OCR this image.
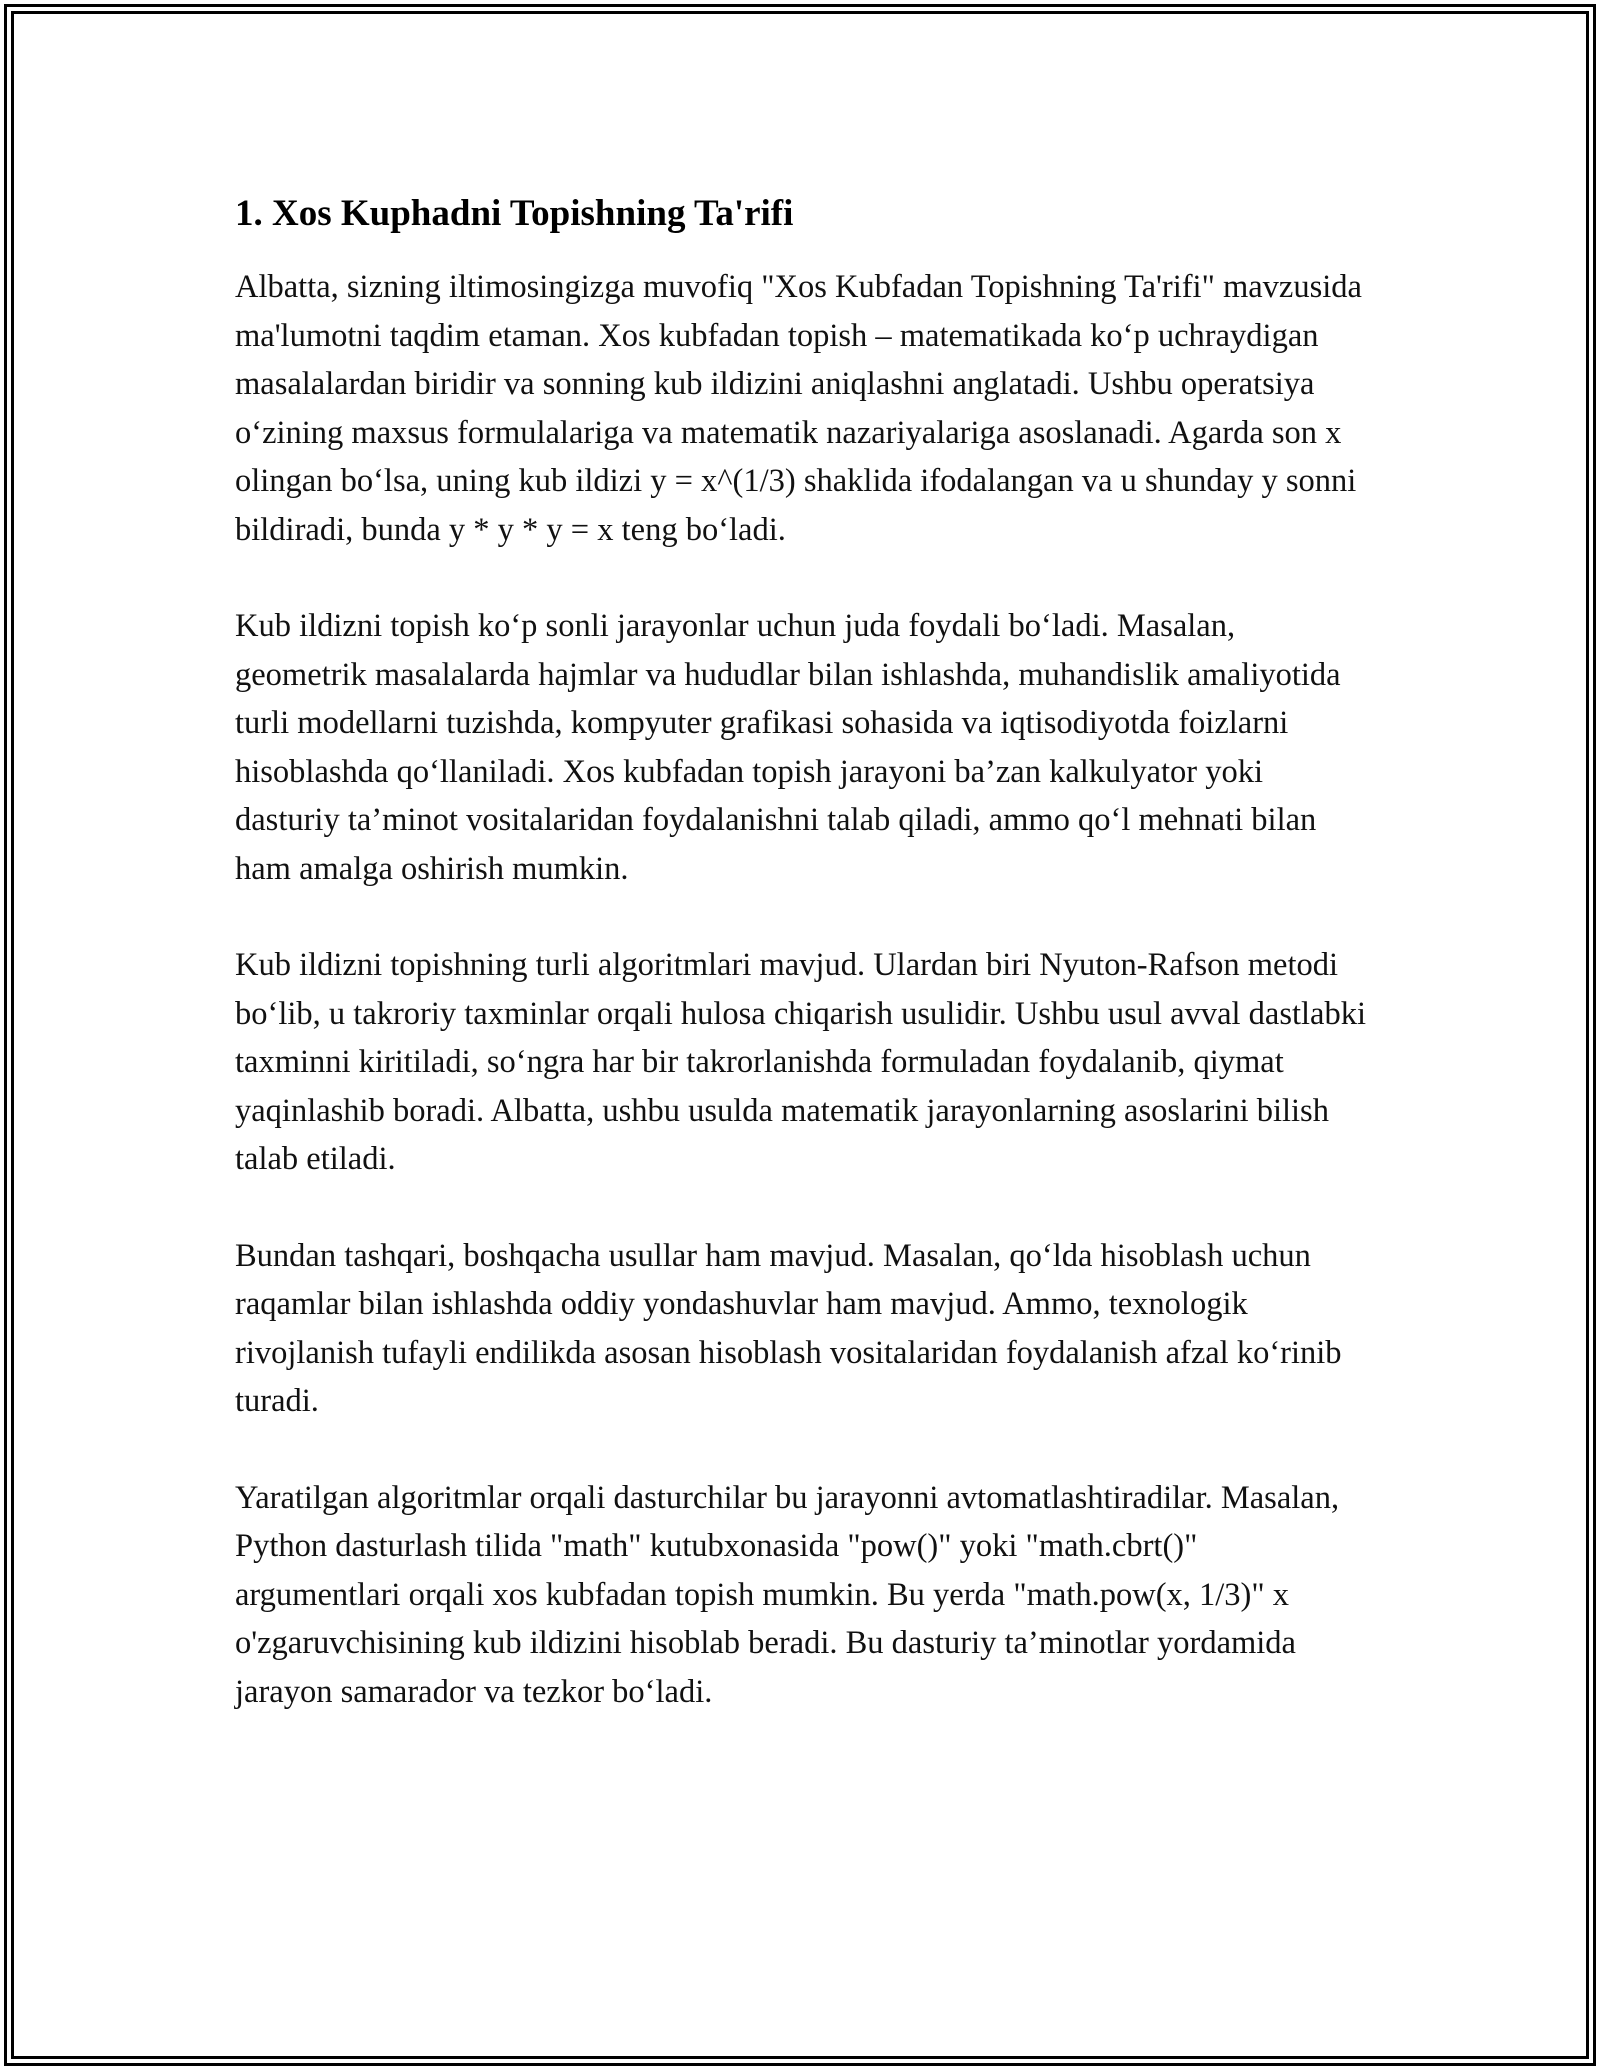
1. Xos Kuphadni Topishning Ta'rifi

Albatta, sizning iltimosingizga muvofiq "Xos Kubfadan Topishning Ta'rifi" mavzusida ma'lumotni taqdim etaman. Xos kubfadan topish – matematikada ko‘p uchraydigan masalalardan biridir va sonning kub ildizini aniqlashni anglatadi. Ushbu operatsiya o‘zining maxsus formulalariga va matematik nazariyalariga asoslanadi. Agarda son x olingan bo‘lsa, uning kub ildizi y = x^(1/3) shaklida ifodalangan va u shunday y sonni bildiradi, bunda y * y * y = x teng bo‘ladi.

Kub ildizni topish ko‘p sonli jarayonlar uchun juda foydali bo‘ladi. Masalan, geometrik masalalarda hajmlar va hududlar bilan ishlashda, muhandislik amaliyotida turli modellarni tuzishda, kompyuter grafikasi sohasida va iqtisodiyotda foizlarni hisoblashda qo‘llaniladi. Xos kubfadan topish jarayoni ba’zan kalkulyator yoki dasturiy ta’minot vositalaridan foydalanishni talab qiladi, ammo qo‘l mehnati bilan ham amalga oshirish mumkin.

Kub ildizni topishning turli algoritmlari mavjud. Ulardan biri Nyuton-Rafson metodi bo‘lib, u takroriy taxminlar orqali hulosa chiqarish usulidir. Ushbu usul avval dastlabki taxminni kiritiladi, so‘ngra har bir takrorlanishda formuladan foydalanib, qiymat yaqinlashib boradi. Albatta, ushbu usulda matematik jarayonlarning asoslarini bilish talab etiladi.

Bundan tashqari, boshqacha usullar ham mavjud. Masalan, qo‘lda hisoblash uchun raqamlar bilan ishlashda oddiy yondashuvlar ham mavjud. Ammo, texnologik rivojlanish tufayli endilikda asosan hisoblash vositalaridan foydalanish afzal ko‘rinib turadi.

Yaratilgan algoritmlar orqali dasturchilar bu jarayonni avtomatlashtiradilar. Masalan, Python dasturlash tilida "math" kutubxonasida "pow()" yoki "math.cbrt()" argumentlari orqali xos kubfadan topish mumkin. Bu yerda "math.pow(x, 1/3)" x o'zgaruvchisining kub ildizini hisoblab beradi. Bu dasturiy ta’minotlar yordamida jarayon samarador va tezkor bo‘ladi.
